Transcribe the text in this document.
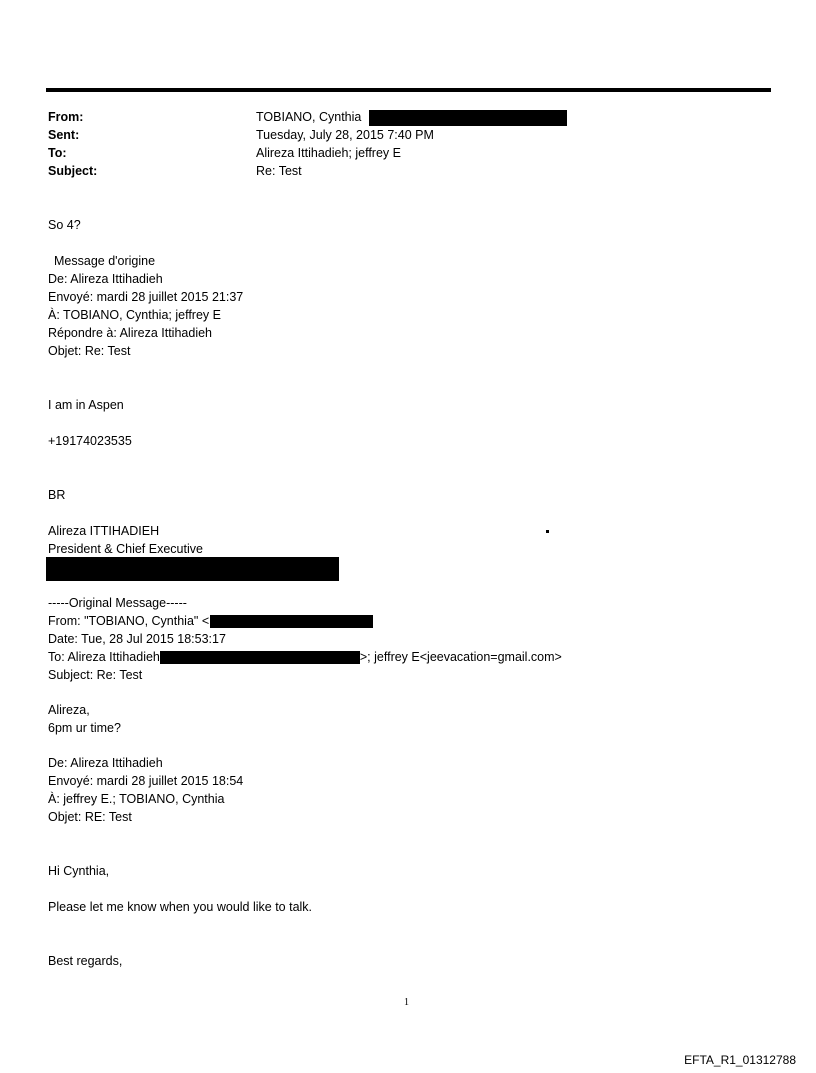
From:	TOBIANO, Cynthia
Sent:	Tuesday, July 28, 2015 7:40 PM
To:	Alireza Ittihadieh; jeffrey E
Subject:	Re: Test
So 4?
Message d'origine
De: Alireza Ittihadieh
Envoyé: mardi 28 juillet 2015 21:37
À: TOBIANO, Cynthia; jeffrey E
Répondre à: Alireza Ittihadieh
Objet: Re: Test
I am in Aspen
+19174023535
BR
Alireza ITTIHADIEH
President & Chief Executive
-----Original Message-----
From: "TOBIANO, Cynthia" <
Date: Tue, 28 Jul 2015 18:53:17
To: Alireza Ittihadieh	>; jeffrey E<jeevacation=gmail.com>
Subject: Re: Test
Alireza,
6pm ur time?
De: Alireza Ittihadieh
Envoyé: mardi 28 juillet 2015 18:54
À: jeffrey E.; TOBIANO, Cynthia
Objet: RE: Test
Hi Cynthia,
Please let me know when you would like to talk.
Best regards,
1
EFTA_R1_01312788
